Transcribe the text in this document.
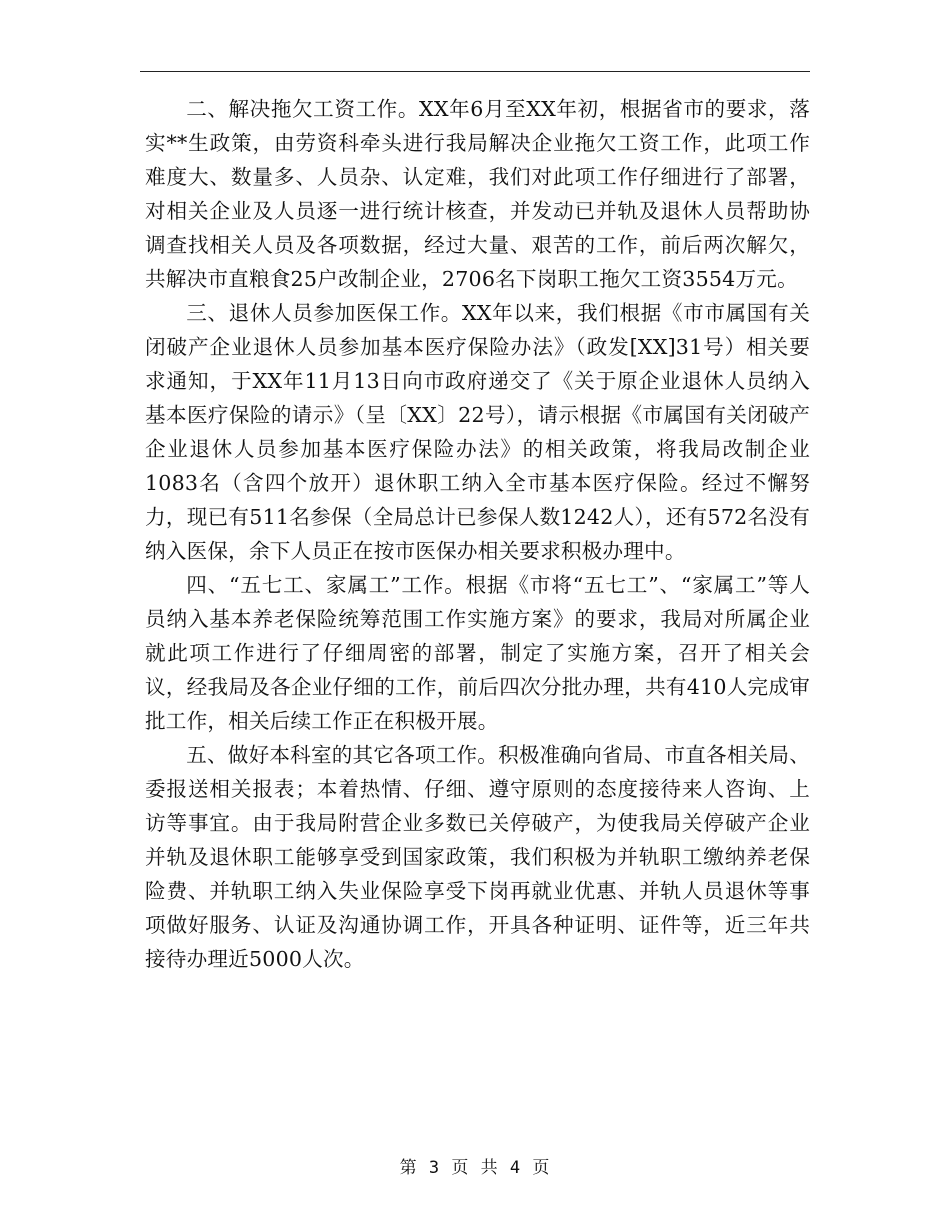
二、解决拖欠工资工作。XX年6月至XX年初，根据省市的要求，落实**生政策，由劳资科牵头进行我局解决企业拖欠工资工作，此项工作难度大、数量多、人员杂、认定难，我们对此项工作仔细进行了部署，对相关企业及人员逐一进行统计核查，并发动已并轨及退休人员帮助协调查找相关人员及各项数据，经过大量、艰苦的工作，前后两次解欠，共解决市直粮食25户改制企业，2706名下岗职工拖欠工资3554万元。

三、退休人员参加医保工作。XX年以来，我们根据《市市属国有关闭破产企业退休人员参加基本医疗保险办法》（政发[XX]31号）相关要求通知，于XX年11月13日向市政府递交了《关于原企业退休人员纳入基本医疗保险的请示》（呈〔XX〕22号），请示根据《市属国有关闭破产企业退休人员参加基本医疗保险办法》的相关政策，将我局改制企业1083名（含四个放开）退休职工纳入全市基本医疗保险。经过不懈努力，现已有511名参保（全局总计已参保人数1242人），还有572名没有纳入医保，余下人员正在按市医保办相关要求积极办理中。

四、“五七工、家属工”工作。根据《市将“五七工”、“家属工”等人员纳入基本养老保险统筹范围工作实施方案》的要求，我局对所属企业就此项工作进行了仔细周密的部署，制定了实施方案，召开了相关会议，经我局及各企业仔细的工作，前后四次分批办理，共有410人完成审批工作，相关后续工作正在积极开展。

五、做好本科室的其它各项工作。积极准确向省局、市直各相关局、委报送相关报表；本着热情、仔细、遵守原则的态度接待来人咨询、上访等事宜。由于我局附营企业多数已关停破产，为使我局关停破产企业并轨及退休职工能够享受到国家政策，我们积极为并轨职工缴纳养老保险费、并轨职工纳入失业保险享受下岗再就业优惠、并轨人员退休等事项做好服务、认证及沟通协调工作，开具各种证明、证件等，近三年共接待办理近5000人次。

第 3 页 共 4 页
